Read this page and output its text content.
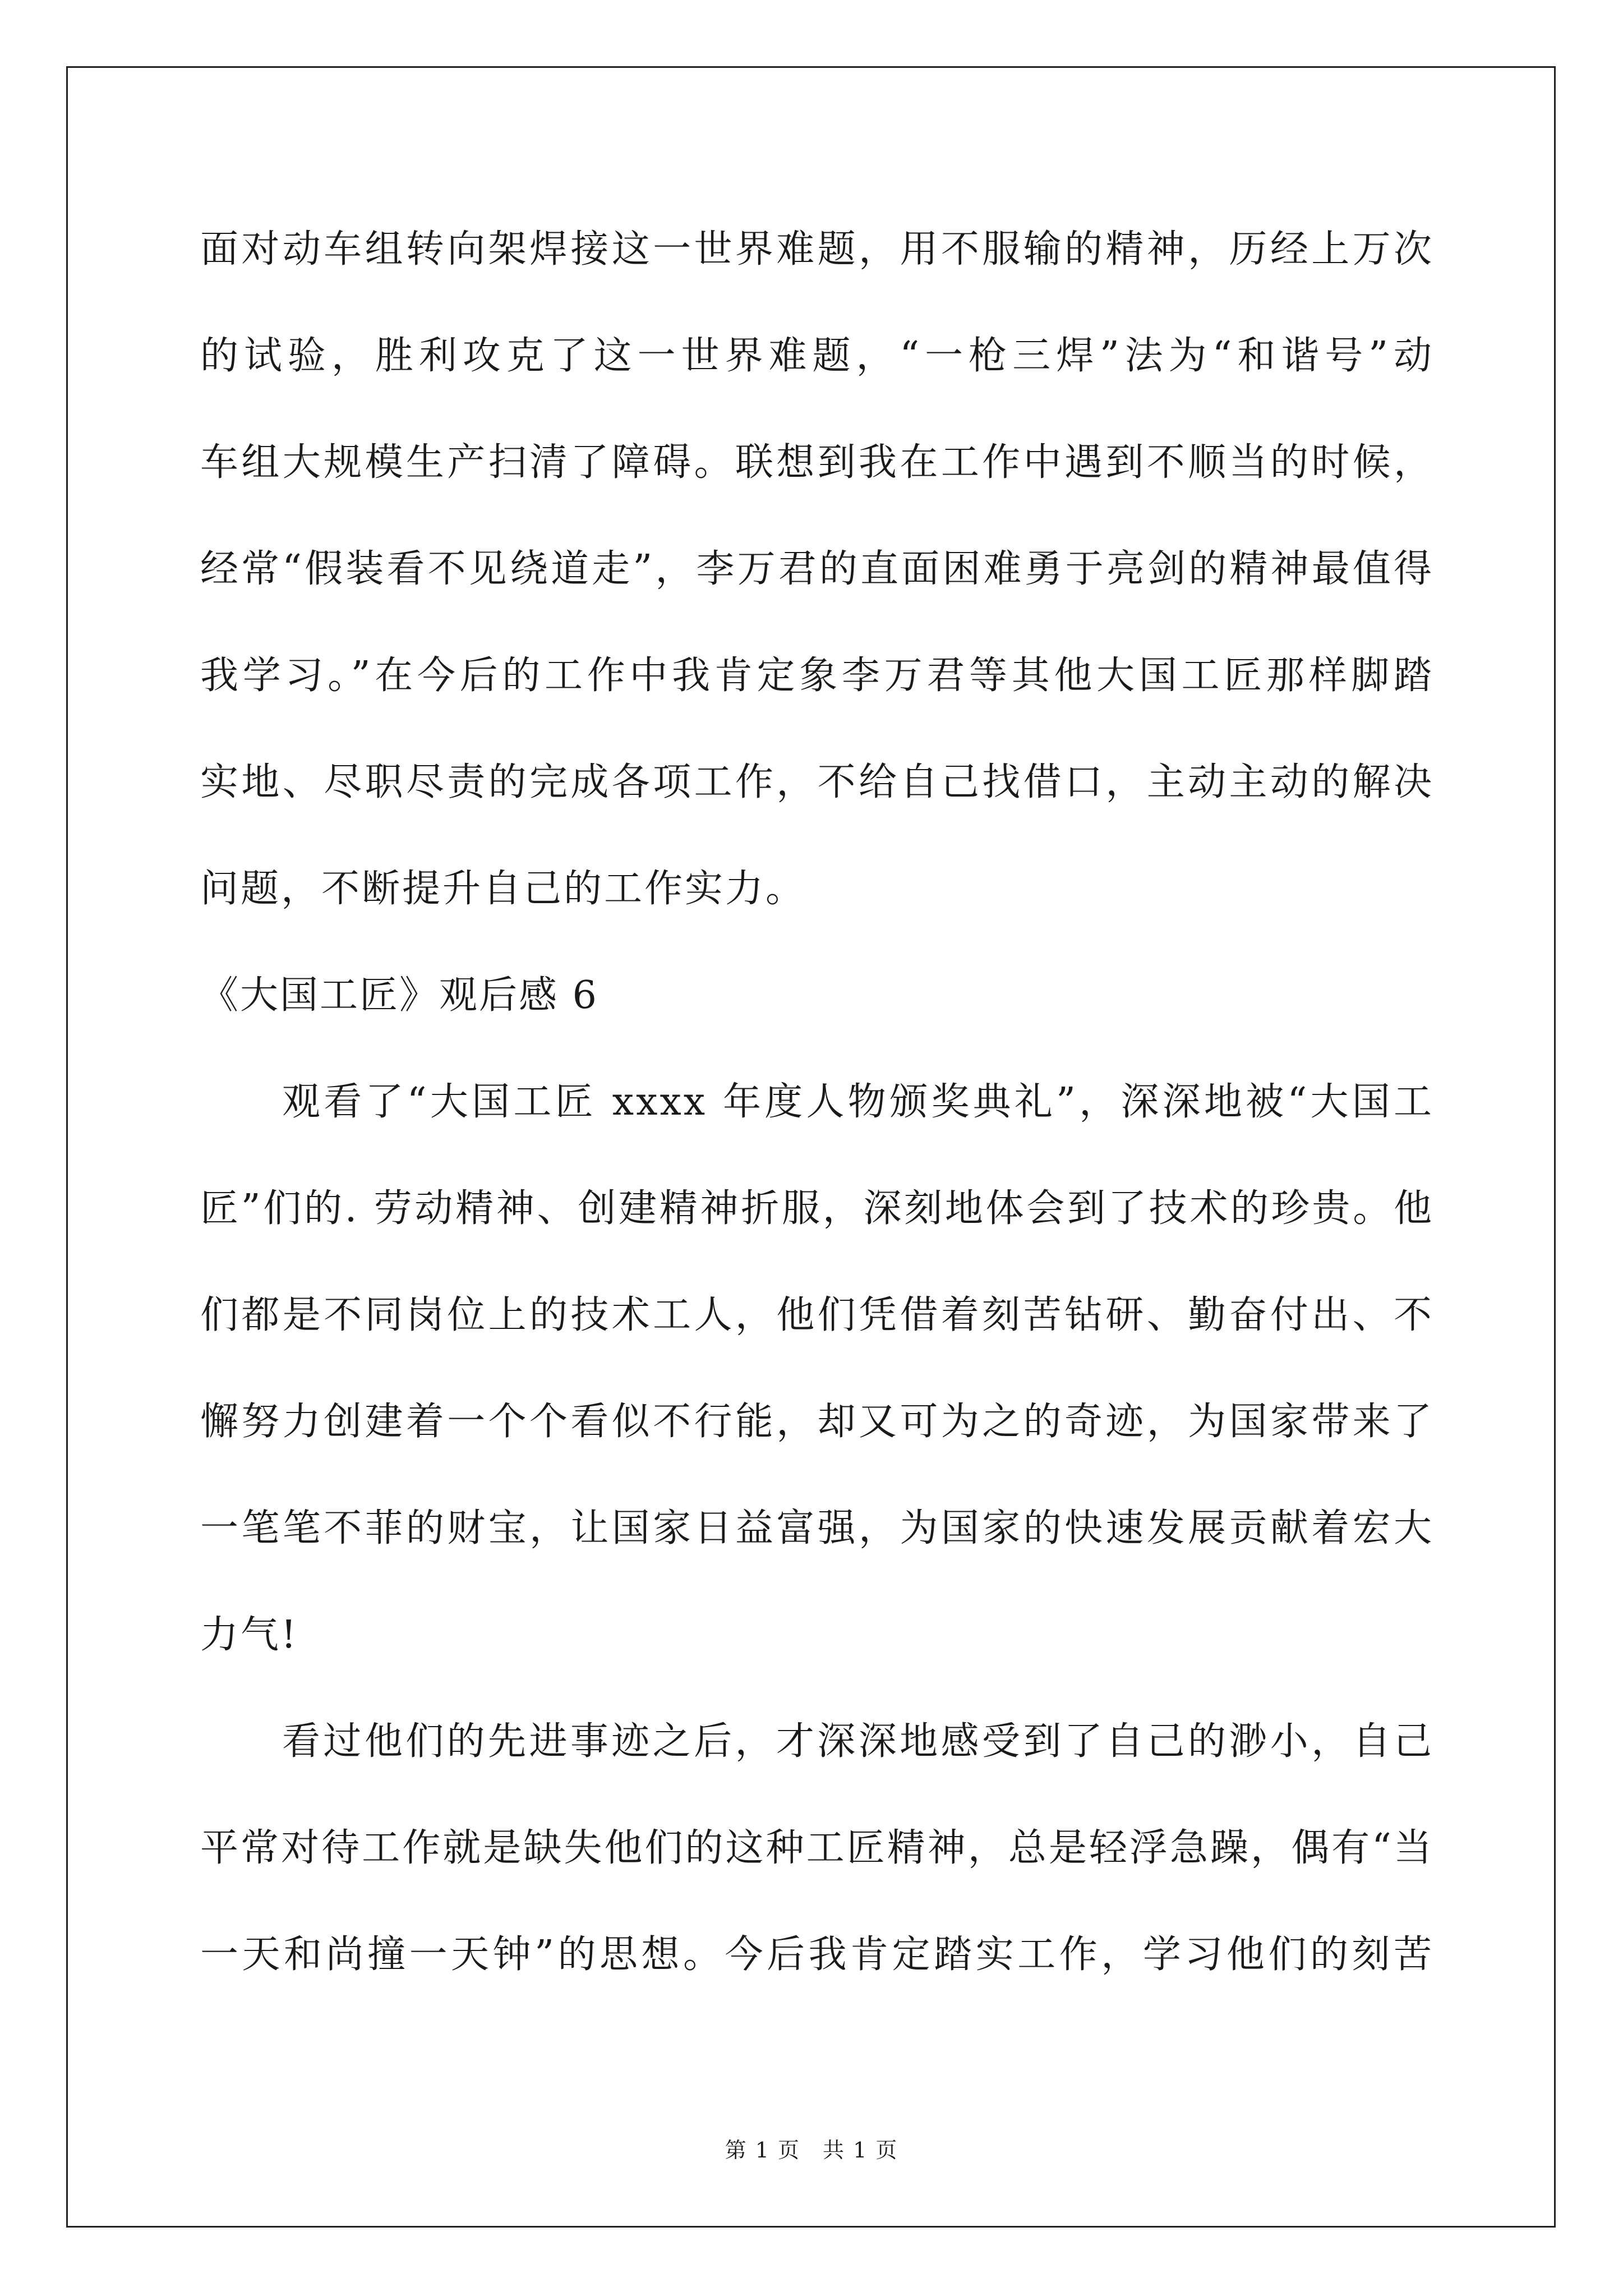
面对动车组转向架焊接这一世界难题，用不服输的精神，历经上万次
的试验，胜利攻克了这一世界难题，“一枪三焊”法为“和谐号”动
车组大规模生产扫清了障碍。联想到我在工作中遇到不顺当的时候，
经常“假装看不见绕道走”，李万君的直面困难勇于亮剑的精神最值得
我学习。”在今后的工作中我肯定象李万君等其他大国工匠那样脚踏
实地、尽职尽责的完成各项工作，不给自己找借口，主动主动的解决
问题，不断提升自己的工作实力。
《大国工匠》观后感 6
观看了“大国工匠 xxxx 年度人物颁奖典礼”，深深地被“大国工
匠”们的. 劳动精神、创建精神折服，深刻地体会到了技术的珍贵。他
们都是不同岗位上的技术工人，他们凭借着刻苦钻研、勤奋付出、不
懈努力创建着一个个看似不行能，却又可为之的奇迹，为国家带来了
一笔笔不菲的财宝，让国家日益富强，为国家的快速发展贡献着宏大
力气!
看过他们的先进事迹之后，才深深地感受到了自己的渺小，自己
平常对待工作就是缺失他们的这种工匠精神，总是轻浮急躁，偶有“当
一天和尚撞一天钟”的思想。今后我肯定踏实工作，学习他们的刻苦
第 1 页　共 1 页
